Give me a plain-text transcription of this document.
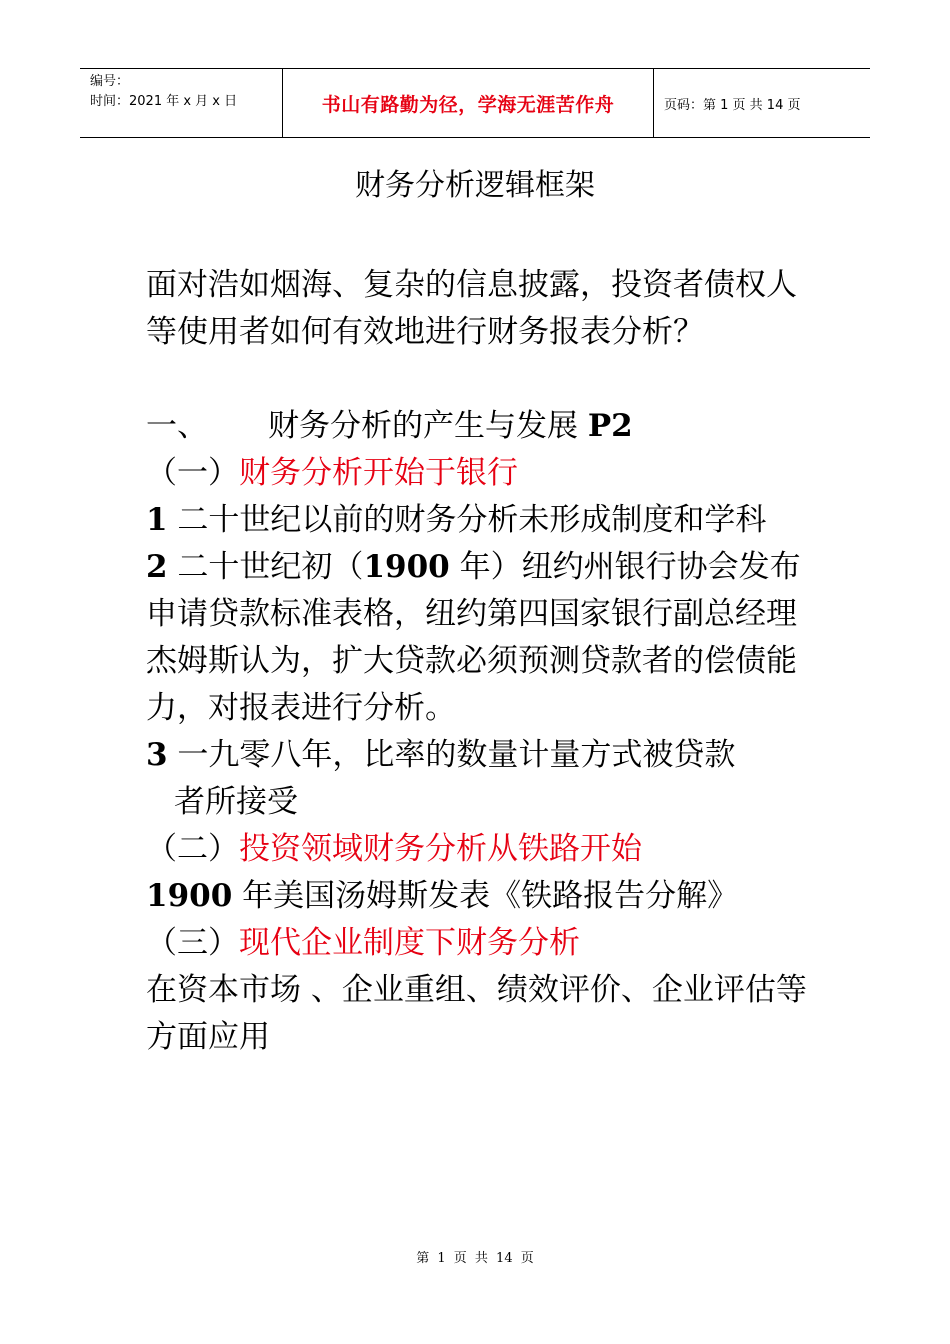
编号：
时间：2021 年 x 月 x 日	书山有路勤为径，学海无涯苦作舟	页码：第 1 页 共 14 页
财务分析逻辑框架

面对浩如烟海、复杂的信息披露，投资者债权人等使用者如何有效地进行财务报表分析？

一、 财务分析的产生与发展 P2

（一）财务分析开始于银行

1 二十世纪以前的财务分析未形成制度和学科

2 二十世纪初（1900 年）纽约州银行协会发布申请贷款标准表格，纽约第四国家银行副总经理杰姆斯认为，扩大贷款必须预测贷款者的偿债能力，对报表进行分析。

3 一九零八年，比率的数量计量方式被贷款

者所接受

（二）投资领域财务分析从铁路开始

1900 年美国汤姆斯发表《铁路报告分解》

（三）现代企业制度下财务分析

在资本市场 、企业重组、绩效评价、企业评估等方面应用

第 1 页 共 14 页
